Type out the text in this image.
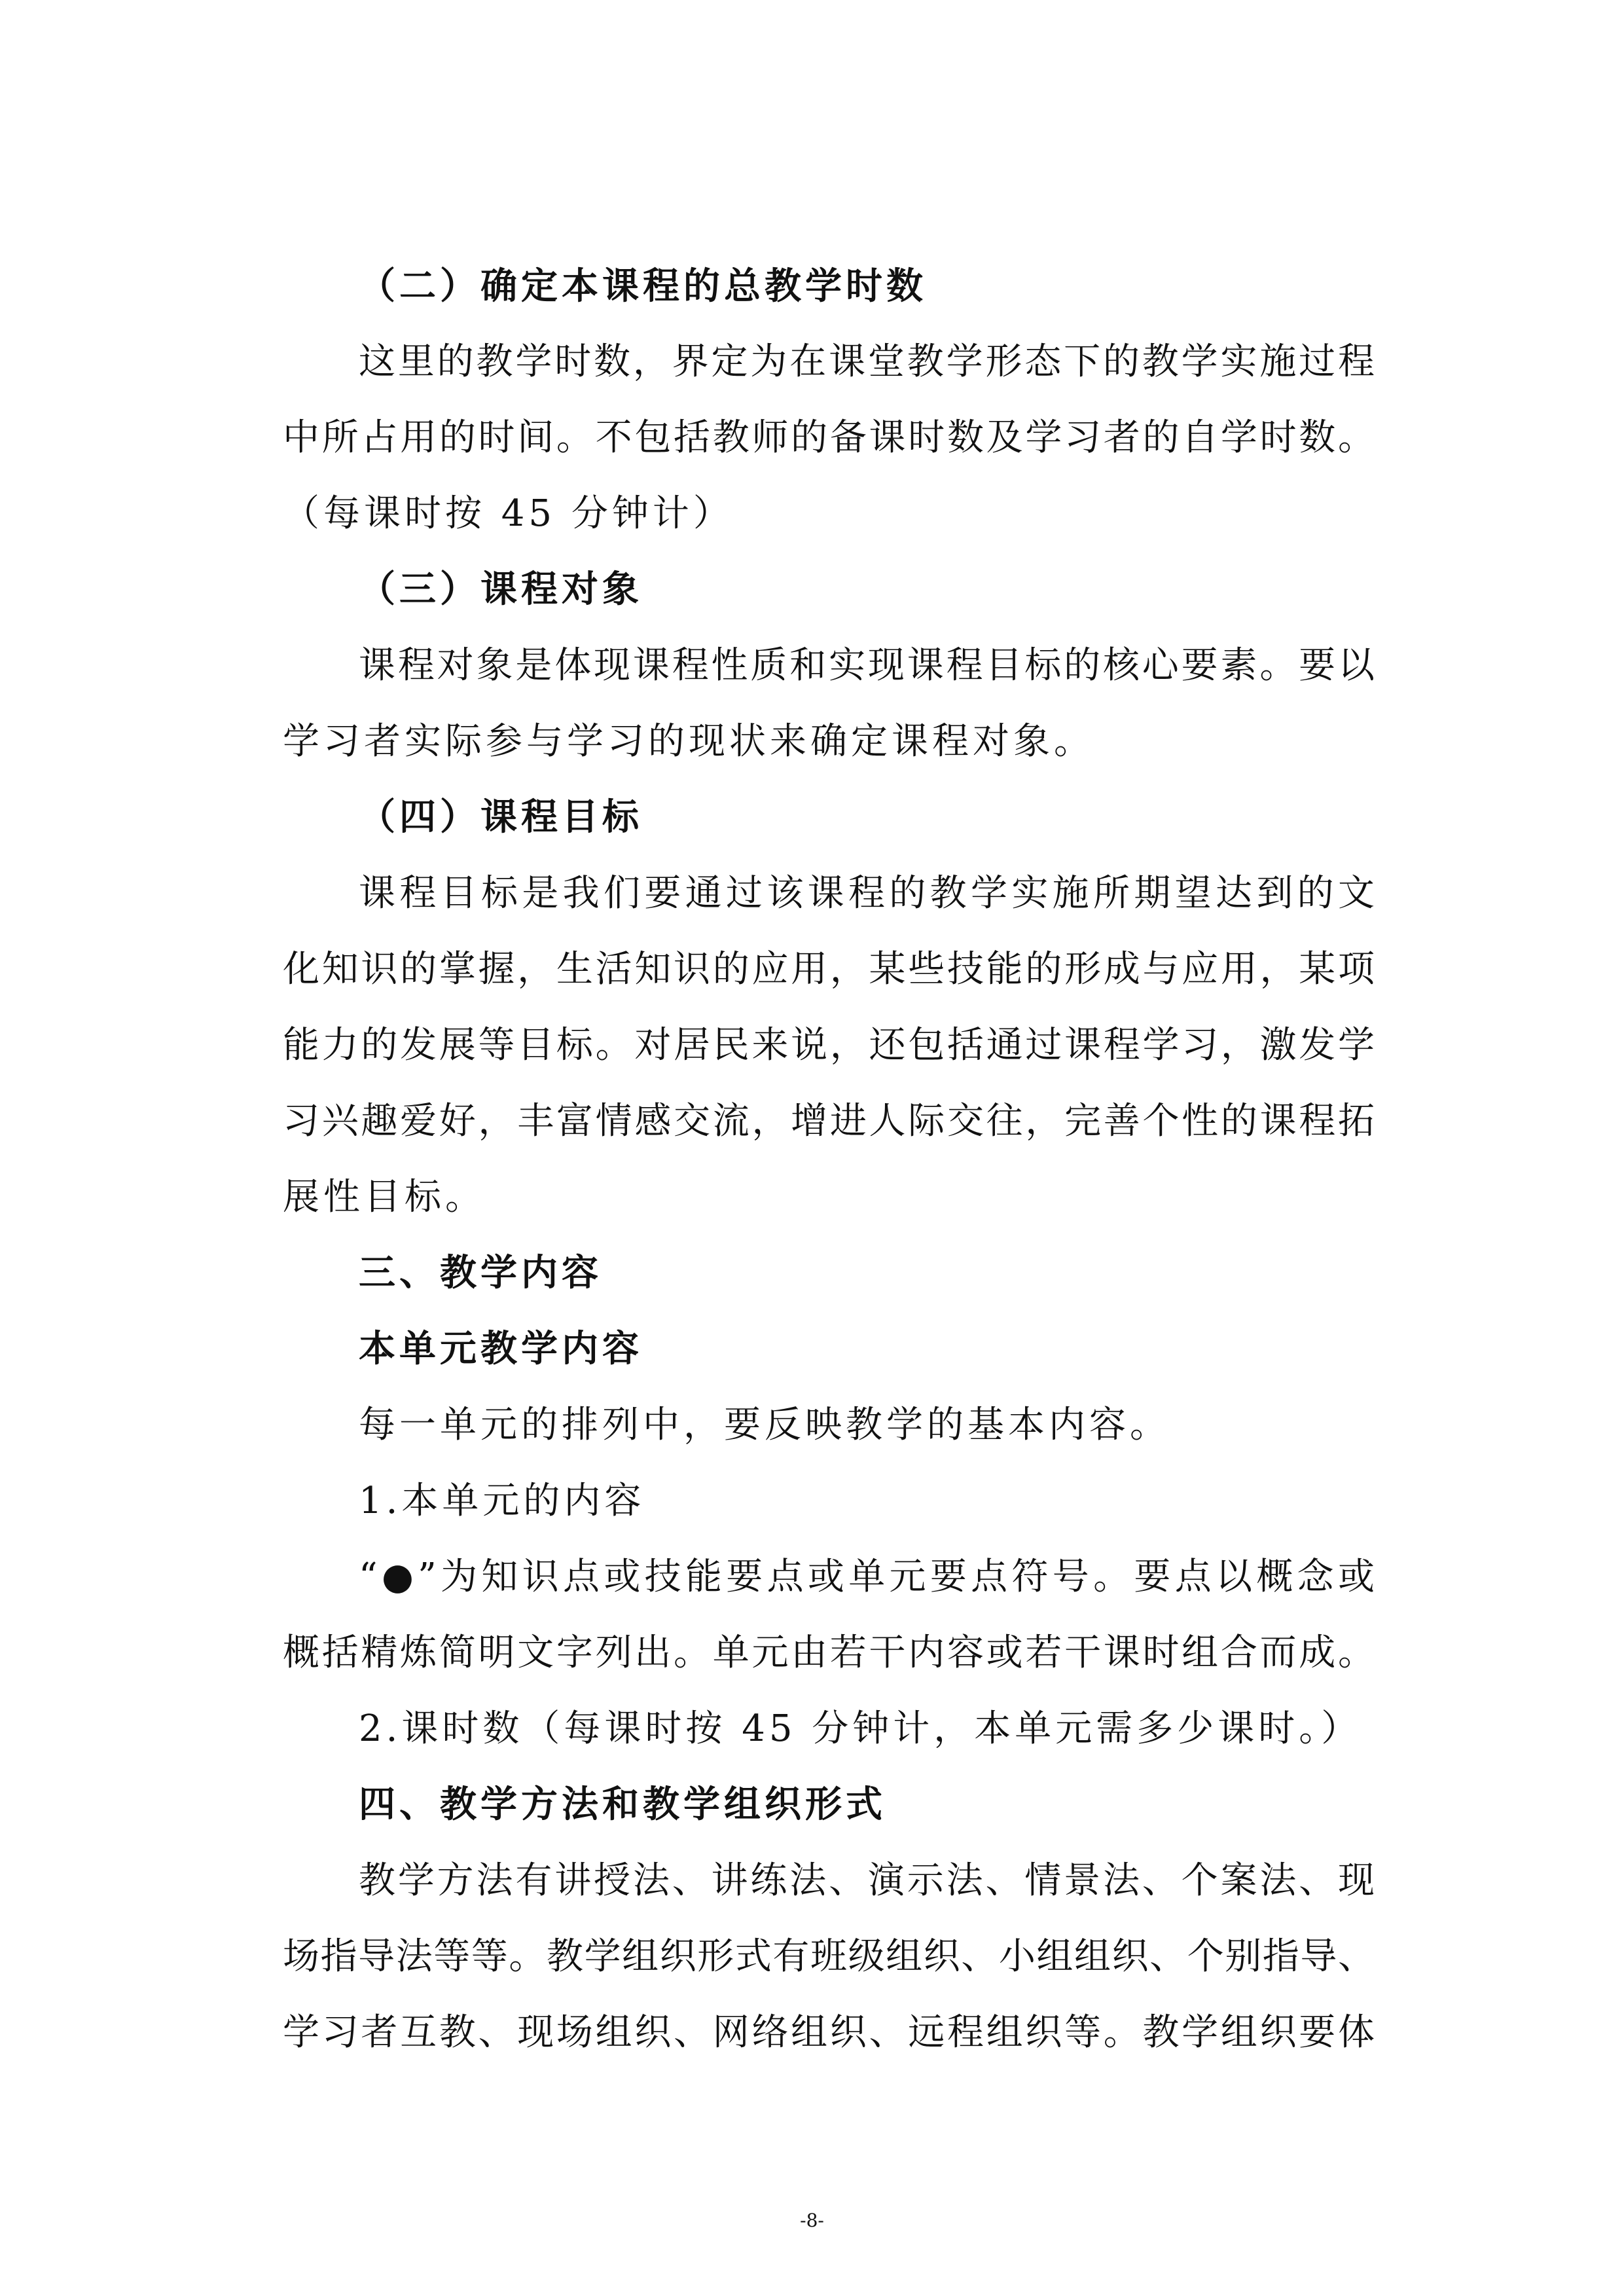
（二）确定本课程的总教学时数
这里的教学时数，界定为在课堂教学形态下的教学实施过程
中所占用的时间。不包括教师的备课时数及学习者的自学时数。
（每课时按 45 分钟计）
（三）课程对象
课程对象是体现课程性质和实现课程目标的核心要素。要以
学习者实际参与学习的现状来确定课程对象。
（四）课程目标
课程目标是我们要通过该课程的教学实施所期望达到的文
化知识的掌握，生活知识的应用，某些技能的形成与应用，某项
能力的发展等目标。对居民来说，还包括通过课程学习，激发学
习兴趣爱好，丰富情感交流，增进人际交往，完善个性的课程拓
展性目标。
三、教学内容
本单元教学内容
每一单元的排列中，要反映教学的基本内容。
1.本单元的内容
“●”为知识点或技能要点或单元要点符号。要点以概念或
概括精炼简明文字列出。单元由若干内容或若干课时组合而成。
2.课时数（每课时按 45 分钟计，本单元需多少课时。）
四、教学方法和教学组织形式
教学方法有讲授法、讲练法、演示法、情景法、个案法、现
场指导法等等。教学组织形式有班级组织、小组组织、个别指导、
学习者互教、现场组织、网络组织、远程组织等。教学组织要体
-8-
